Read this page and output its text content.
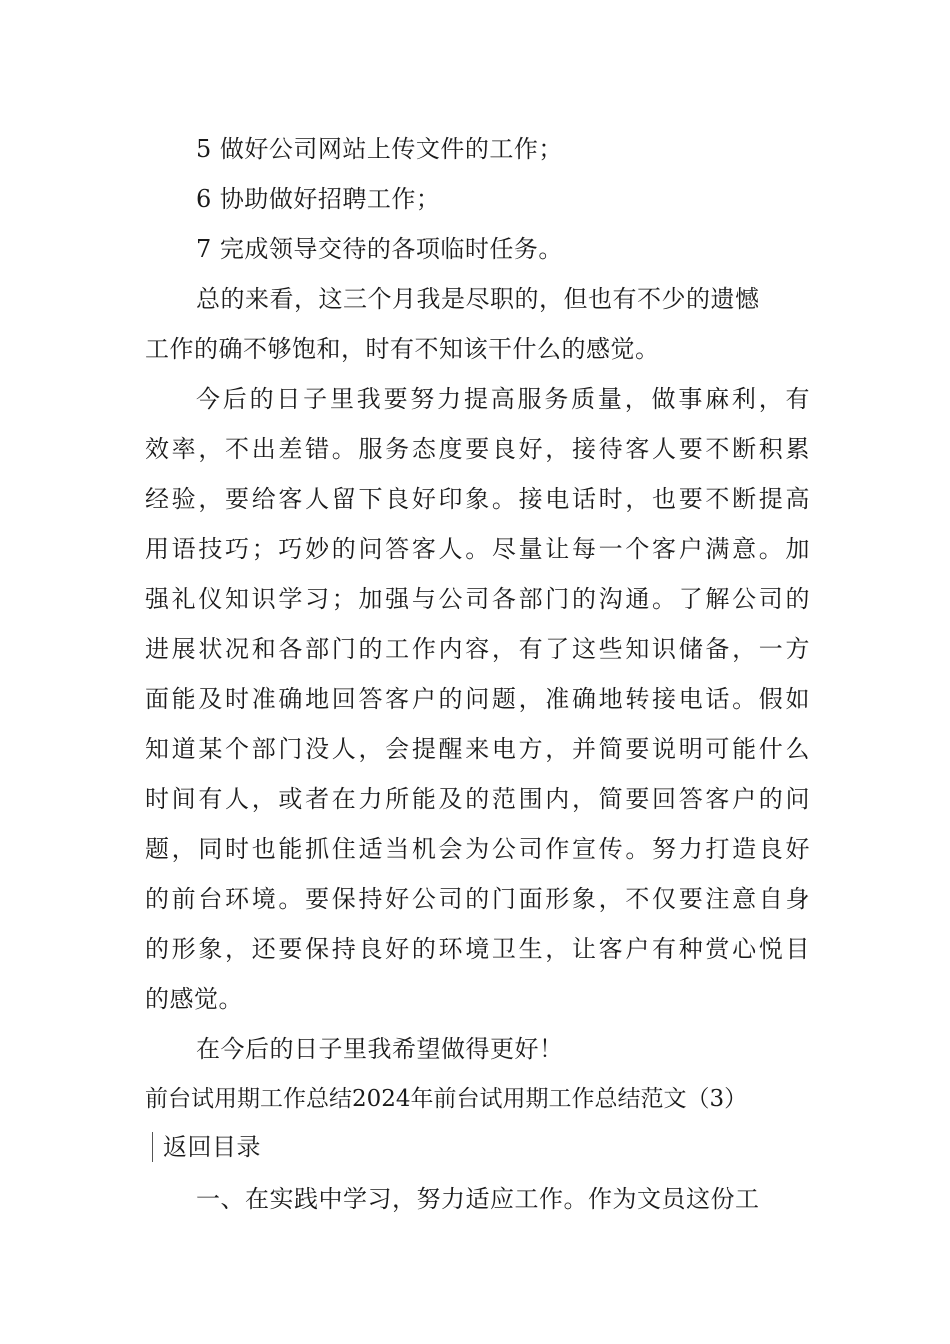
5 做好公司网站上传文件的工作；
6 协助做好招聘工作；
7 完成领导交待的各项临时任务。
总的来看，这三个月我是尽职的，但也有不少的遗憾
工作的确不够饱和，时有不知该干什么的感觉。
今后的日子里我要努力提高服务质量，做事麻利，有
效率，不出差错。服务态度要良好，接待客人要不断积累
经验，要给客人留下良好印象。接电话时，也要不断提高
用语技巧；巧妙的问答客人。尽量让每一个客户满意。加
强礼仪知识学习；加强与公司各部门的沟通。了解公司的
进展状况和各部门的工作内容，有了这些知识储备，一方
面能及时准确地回答客户的问题，准确地转接电话。假如
知道某个部门没人，会提醒来电方，并简要说明可能什么
时间有人，或者在力所能及的范围内，简要回答客户的问
题，同时也能抓住适当机会为公司作宣传。努力打造良好
的前台环境。要保持好公司的门面形象，不仅要注意自身
的形象，还要保持良好的环境卫生，让客户有种赏心悦目
的感觉。
在今后的日子里我希望做得更好！
前台试用期工作总结2024年前台试用期工作总结范文（3）
返回目录
一、在实践中学习，努力适应工作。作为文员这份工
